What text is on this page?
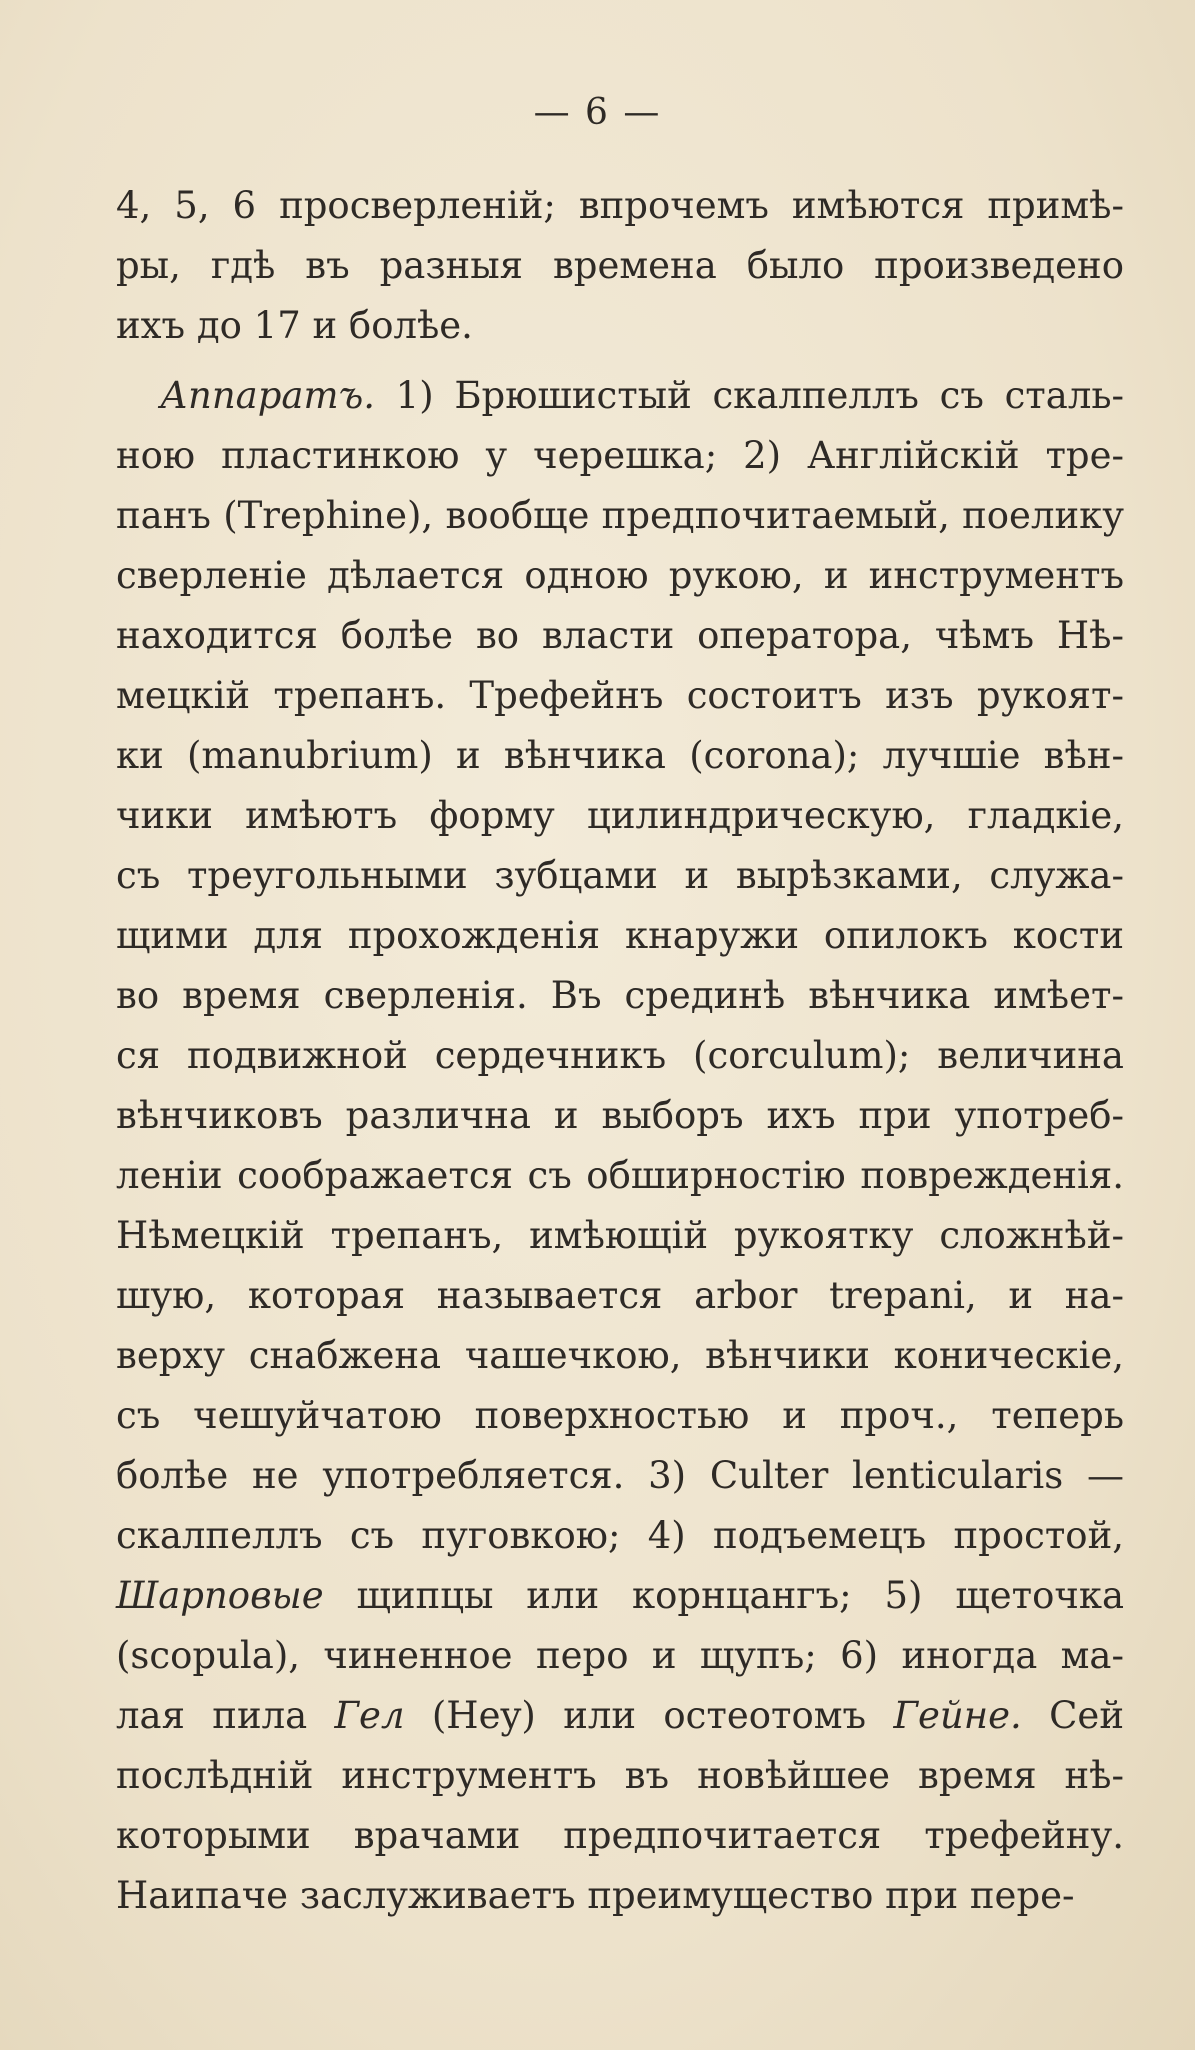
— 6 —
4, 5, 6 просверленій; впрочемъ имѣются примѣ-
ры, гдѣ въ разныя времена было произведено
ихъ до 17 и болѣе.
Аппаратъ. 1) Брюшистый скалпеллъ съ сталь-
ною пластинкою у черешка; 2) Англійскій тре-
панъ (Trephine), вообще предпочитаемый, поелику
сверленіе дѣлается одною рукою, и инструментъ
находится болѣе во власти оператора, чѣмъ Нѣ-
мецкій трепанъ. Трефейнъ состоитъ изъ рукоят-
ки (manubrium) и вѣнчика (corona); лучшіе вѣн-
чики имѣютъ форму цилиндрическую, гладкіе,
съ треугольными зубцами и вырѣзками, служа-
щими для прохожденія кнаружи опилокъ кости
во время сверленія. Въ срединѣ вѣнчика имѣет-
ся подвижной сердечникъ (corculum); величина
вѣнчиковъ различна и выборъ ихъ при употреб-
леніи соображается съ обширностію поврежденія.
Нѣмецкій трепанъ, имѣющій рукоятку сложнѣй-
шую, которая называется arbor trepani, и на-
верху снабжена чашечкою, вѣнчики коническіе,
съ чешуйчатою поверхностью и проч., теперь
болѣе не употребляется. 3) Culter lenticularis —
скалпеллъ съ пуговкою; 4) подъемецъ простой,
Шарповые щипцы или корнцангъ; 5) щеточка
(scopula), чиненное перо и щупъ; 6) иногда ма-
лая пила Гел (Hey) или остеотомъ Гейне. Сей
послѣдній инструментъ въ новѣйшее время нѣ-
которыми врачами предпочитается трефейну.
Наипаче заслуживаетъ преимущество при пере-
